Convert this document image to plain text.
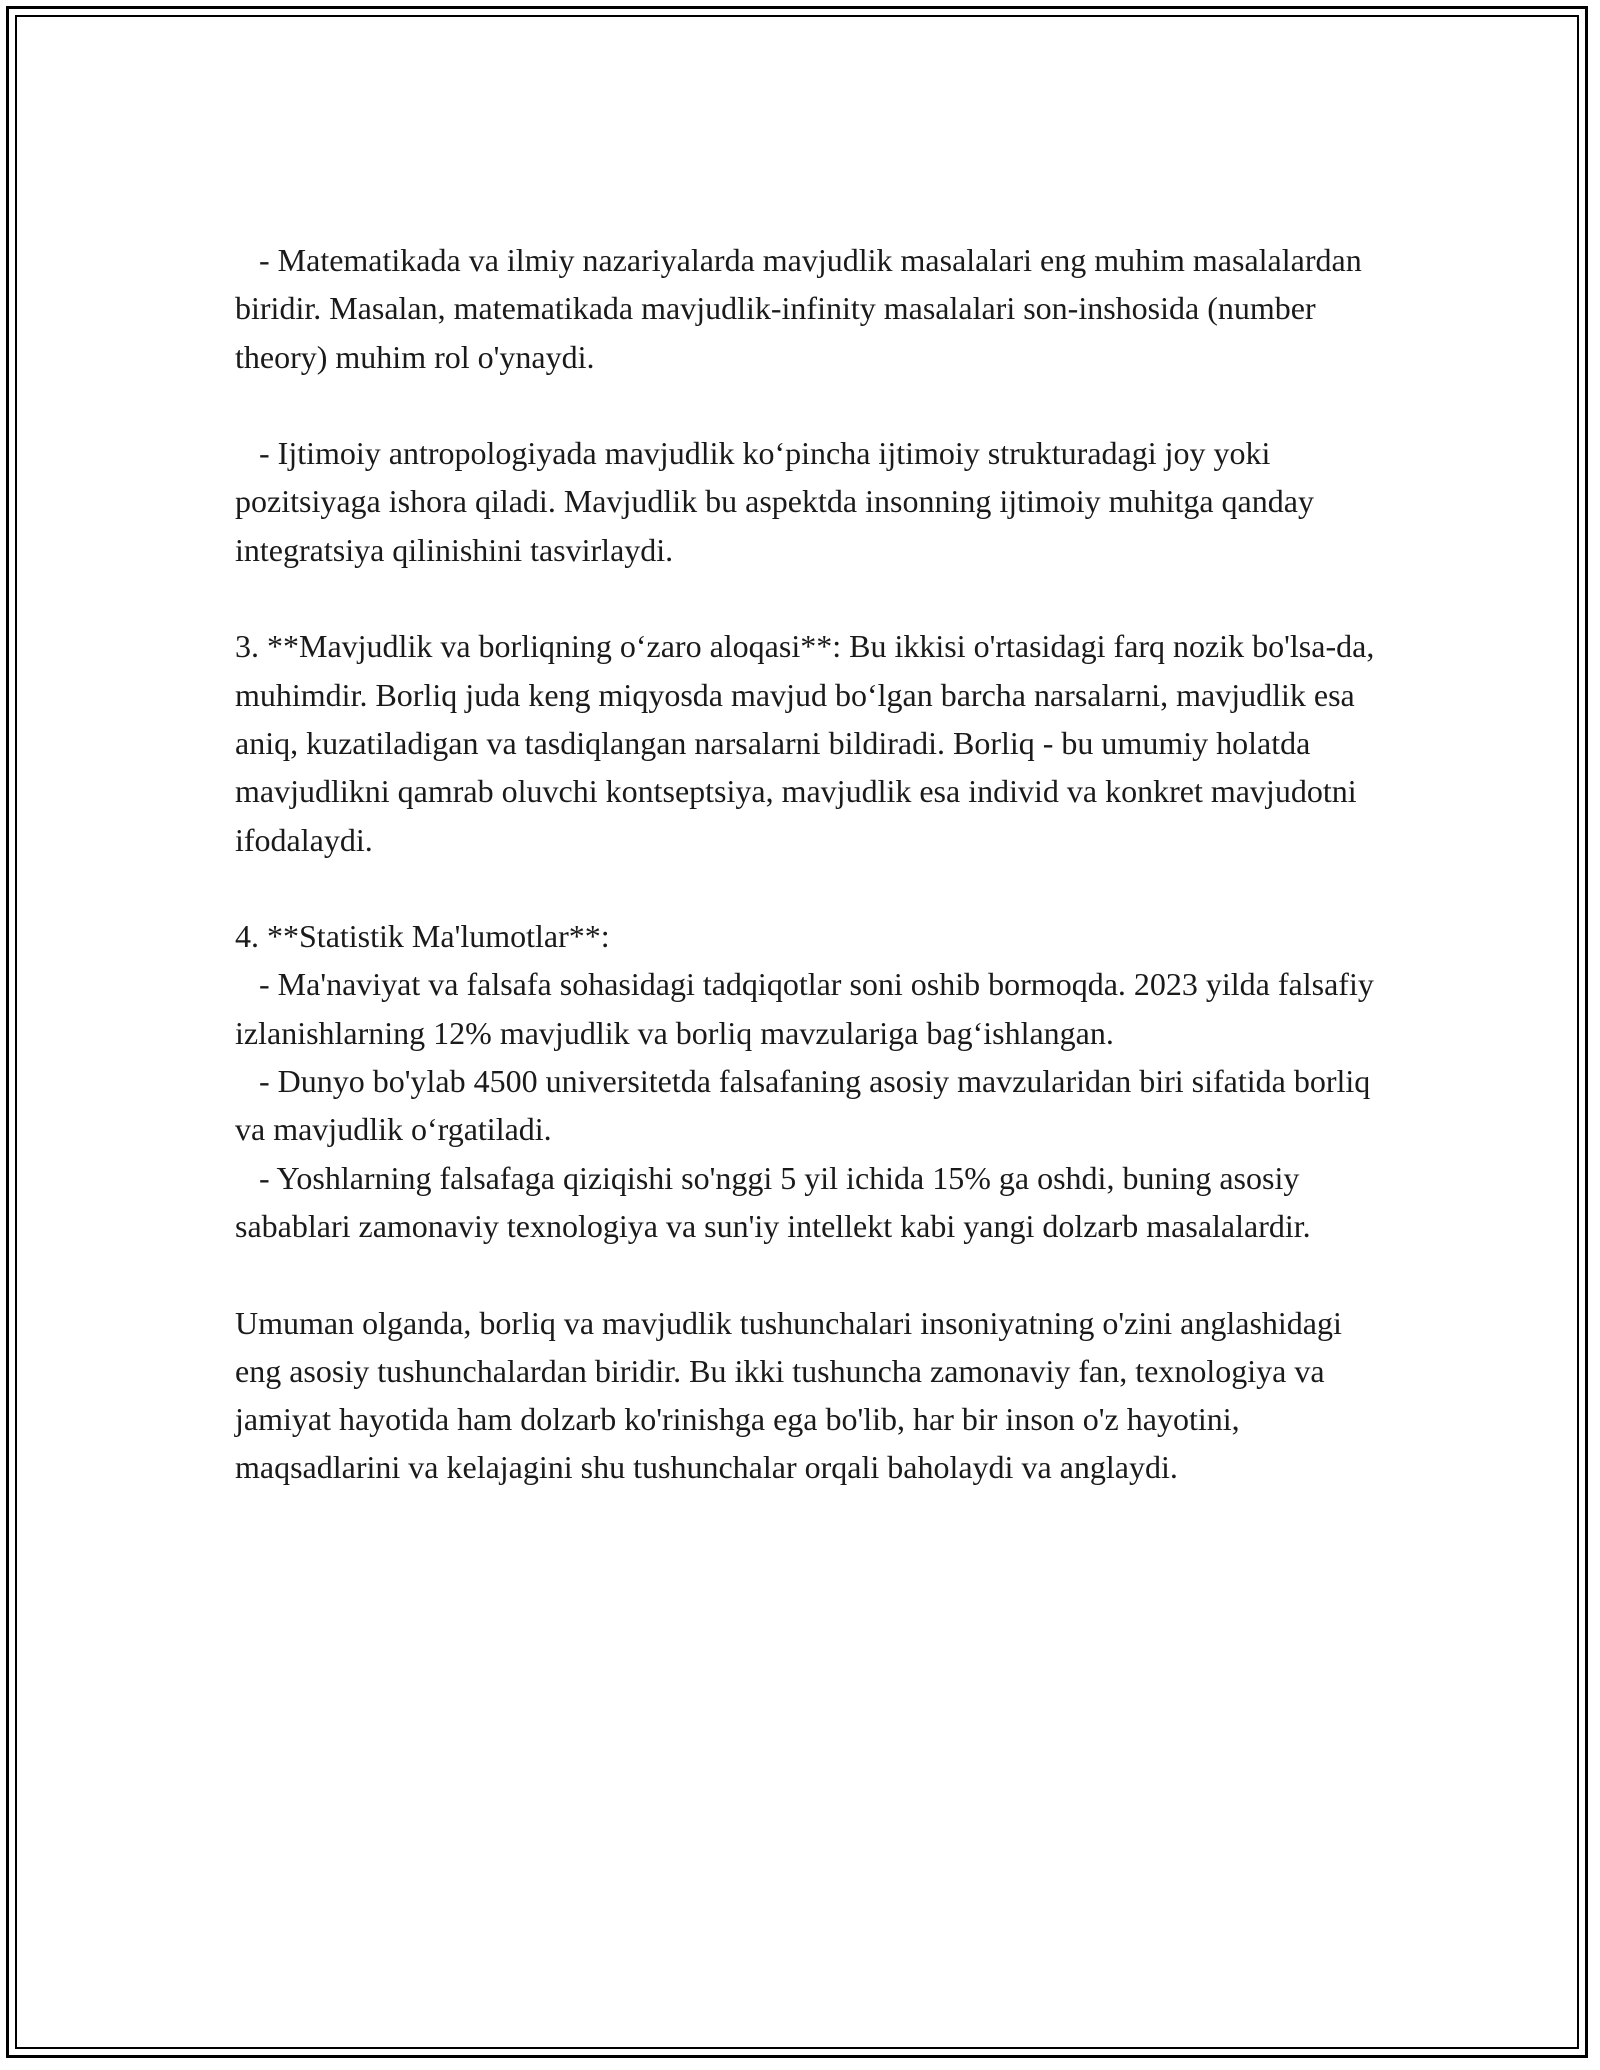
- Matematikada va ilmiy nazariyalarda mavjudlik masalalari eng muhim masalalardan biridir. Masalan, matematikada mavjudlik-infinity masalalari son-inshosida (number theory) muhim rol o'ynaydi.

- Ijtimoiy antropologiyada mavjudlik ko‘pincha ijtimoiy strukturadagi joy yoki pozitsiyaga ishora qiladi. Mavjudlik bu aspektda insonning ijtimoiy muhitga qanday integratsiya qilinishini tasvirlaydi.

3. **Mavjudlik va borliqning o‘zaro aloqasi**: Bu ikkisi o'rtasidagi farq nozik bo'lsa-da, muhimdir. Borliq juda keng miqyosda mavjud bo‘lgan barcha narsalarni, mavjudlik esa aniq, kuzatiladigan va tasdiqlangan narsalarni bildiradi. Borliq - bu umumiy holatda mavjudlikni qamrab oluvchi kontseptsiya, mavjudlik esa individ va konkret mavjudotni ifodalaydi.

4. **Statistik Ma'lumotlar**:

- Ma'naviyat va falsafa sohasidagi tadqiqotlar soni oshib bormoqda. 2023 yilda falsafiy izlanishlarning 12% mavjudlik va borliq mavzulariga bag‘ishlangan.

- Dunyo bo'ylab 4500 universitetda falsafaning asosiy mavzularidan biri sifatida borliq va mavjudlik o‘rgatiladi.

- Yoshlarning falsafaga qiziqishi so'nggi 5 yil ichida 15% ga oshdi, buning asosiy sabablari zamonaviy texnologiya va sun'iy intellekt kabi yangi dolzarb masalalardir.

Umuman olganda, borliq va mavjudlik tushunchalari insoniyatning o'zini anglashidagi eng asosiy tushunchalardan biridir. Bu ikki tushuncha zamonaviy fan, texnologiya va jamiyat hayotida ham dolzarb ko'rinishga ega bo'lib, har bir inson o'z hayotini, maqsadlarini va kelajagini shu tushunchalar orqali baholaydi va anglaydi.
